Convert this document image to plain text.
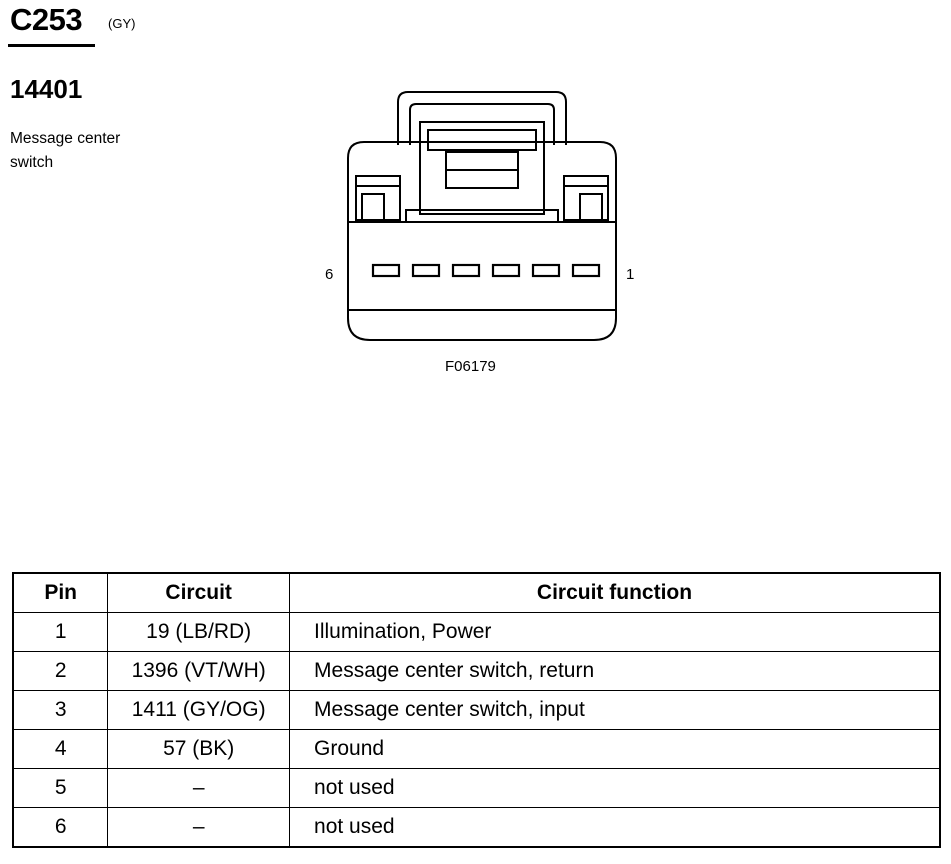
C253 (GY)
14401
Message center switch
6	1
F06179
Pin	Circuit	Circuit function
1	19 (LB/RD)	Illumination, Power
2	1396 (VT/WH)	Message center switch, return
3	1411 (GY/OG)	Message center switch, input
4	57 (BK)	Ground
5	–	not used
6	–	not used
